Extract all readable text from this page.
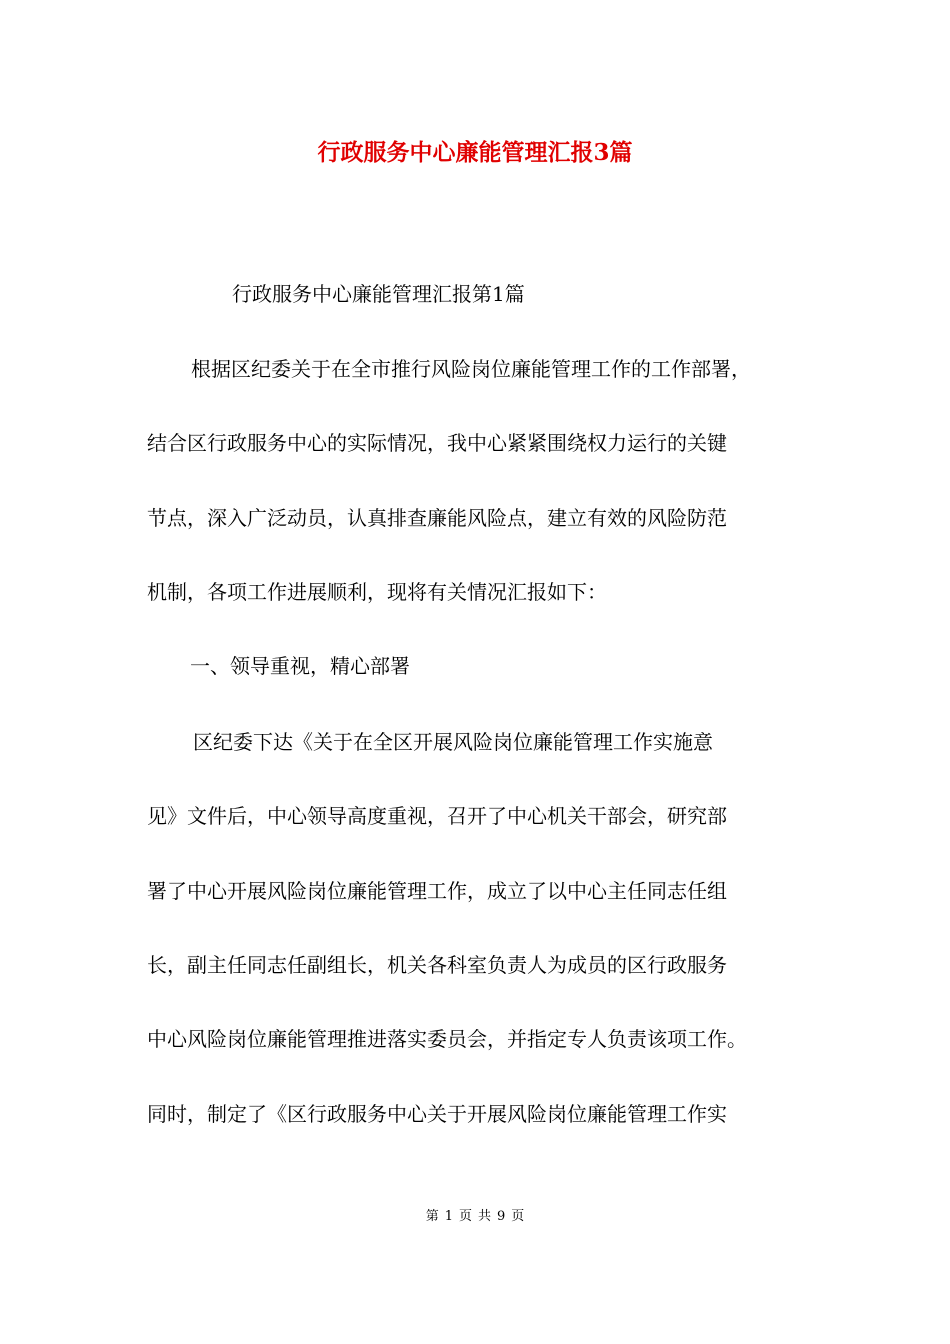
行政服务中心廉能管理汇报3篇
行政服务中心廉能管理汇报第1篇
根据区纪委关于在全市推行风险岗位廉能管理工作的工作部署，
结合区行政服务中心的实际情况，我中心紧紧围绕权力运行的关键
节点，深入广泛动员，认真排查廉能风险点，建立有效的风险防范
机制，各项工作进展顺利，现将有关情况汇报如下：
一、领导重视，精心部署
区纪委下达《关于在全区开展风险岗位廉能管理工作实施意
见》文件后，中心领导高度重视，召开了中心机关干部会，研究部
署了中心开展风险岗位廉能管理工作，成立了以中心主任同志任组
长，副主任同志任副组长，机关各科室负责人为成员的区行政服务
中心风险岗位廉能管理推进落实委员会，并指定专人负责该项工作。
同时，制定了《区行政服务中心关于开展风险岗位廉能管理工作实
第 1 页 共 9 页
